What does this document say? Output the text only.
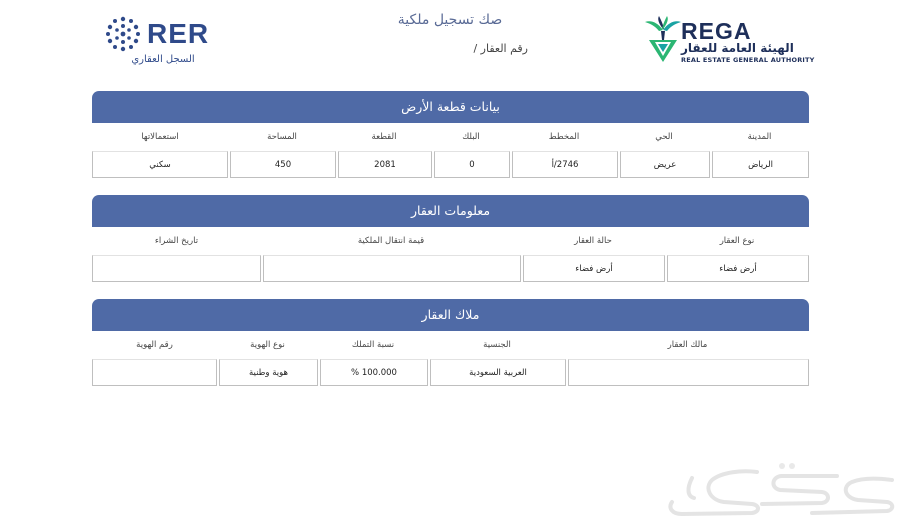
RER
السجل العقاري
صك تسجيل ملكية
رقم العقار /
REGA
الهيئة العامة للعقار
REAL ESTATE GENERAL AUTHORITY
بيانات قطعة الأرض
المدينة
الحي
المخطط
البلك
القطعة
المساحة
استعمالاتها
الرياض
عريض
2746/أ
0
2081
450
سكني
معلومات العقار
نوع العقار
حالة العقار
قيمة انتقال الملكية
تاريخ الشراء
أرض فضاء
أرض فضاء
ملاك العقار
مالك العقار
الجنسية
نسبة التملك
نوع الهوية
رقم الهوية
العربية السعودية
100.000 %
هوية وطنية
